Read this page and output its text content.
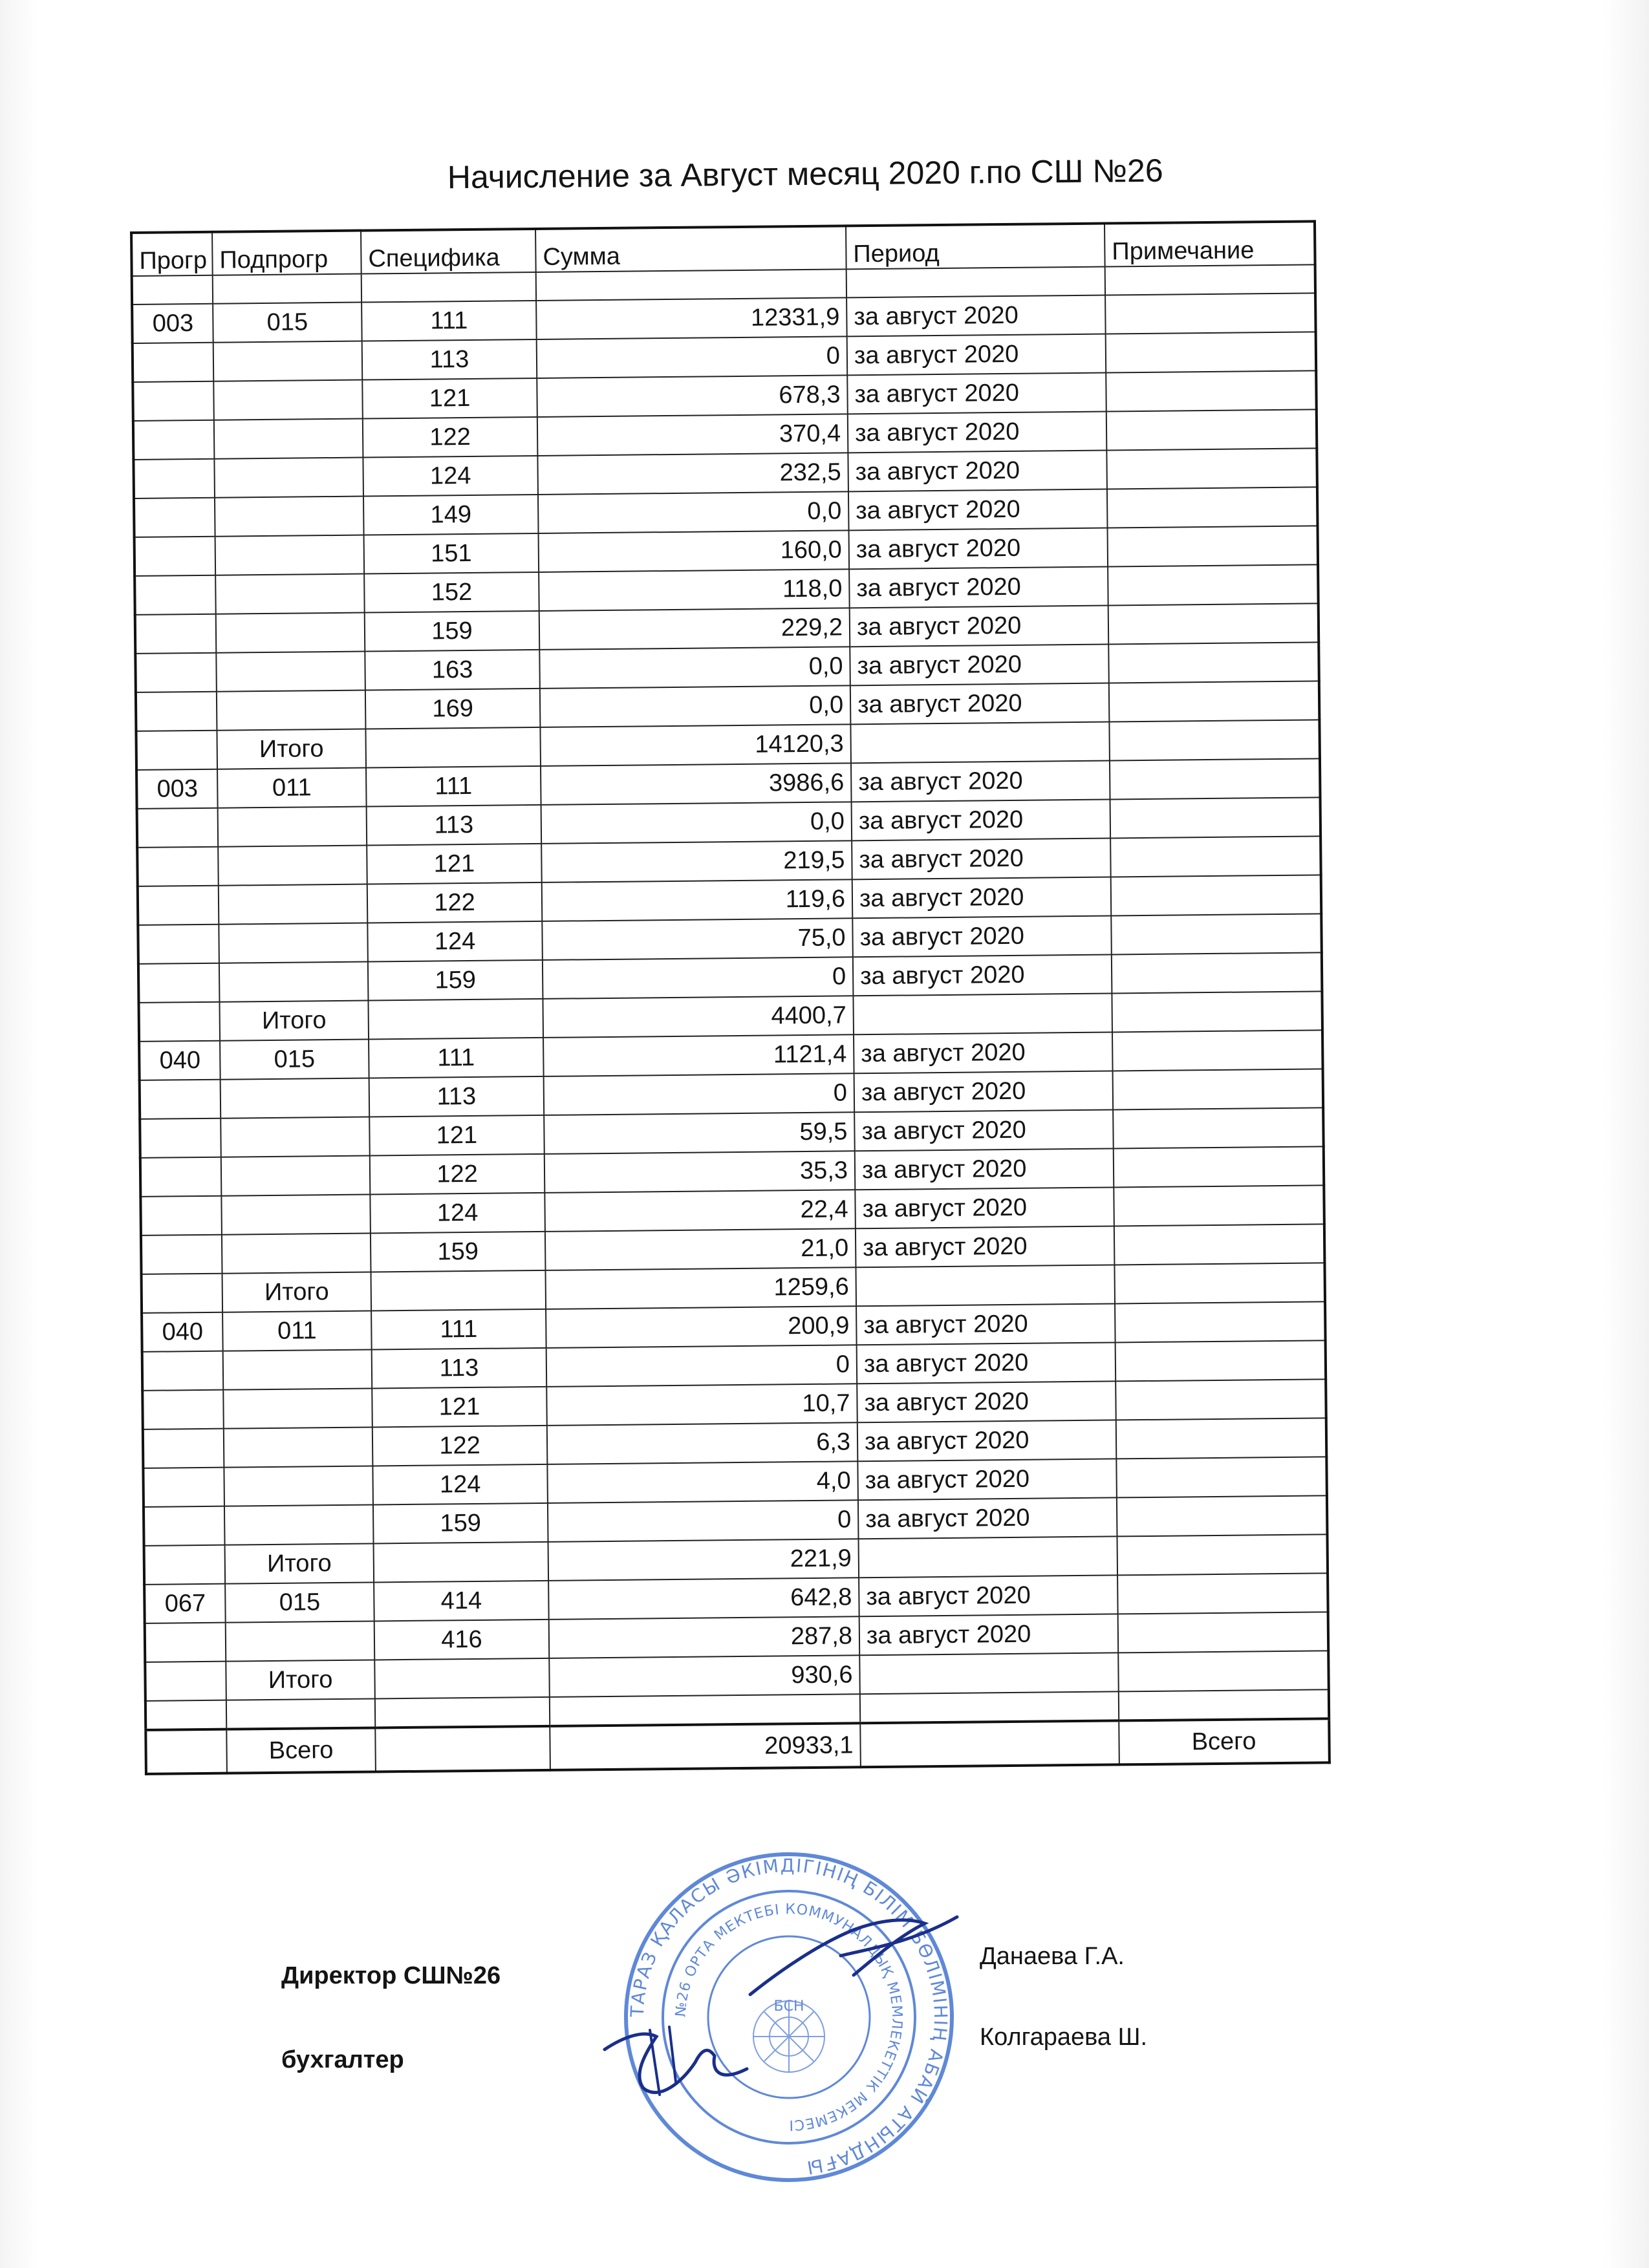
Начисление за Август месяц 2020 г.по СШ №26
Прогр	Подпрогр	Специфика	Сумма	Период	Примечание

003	015	111	12331,9	за август 2020	
		113	0	за август 2020	
		121	678,3	за август 2020	
		122	370,4	за август 2020	
		124	232,5	за август 2020	
		149	0,0	за август 2020	
		151	160,0	за август 2020	
		152	118,0	за август 2020	
		159	229,2	за август 2020	
		163	0,0	за август 2020	
		169	0,0	за август 2020	
	Итого		14120,3		
003	011	111	3986,6	за август 2020	
		113	0,0	за август 2020	
		121	219,5	за август 2020	
		122	119,6	за август 2020	
		124	75,0	за август 2020	
		159	0	за август 2020	
	Итого		4400,7		
040	015	111	1121,4	за август 2020	
		113	0	за август 2020	
		121	59,5	за август 2020	
		122	35,3	за август 2020	
		124	22,4	за август 2020	
		159	21,0	за август 2020	
	Итого		1259,6		
040	011	111	200,9	за август 2020	
		113	0	за август 2020	
		121	10,7	за август 2020	
		122	6,3	за август 2020	
		124	4,0	за август 2020	
		159	0	за август 2020	
	Итого		221,9		
067	015	414	642,8	за август 2020	
		416	287,8	за август 2020	
	Итого		930,6		

	Всего		20933,1		Всего
Директор СШ№26
Данаева Г.А.
бухгалтер
Колгараева Ш.
ТАРАЗ ҚАЛАСЫ ӘКІМДІГІНІҢ БІЛІМ БӨЛІМІНІҢ АБАЙ АТЫНДАҒЫ
№26 ОРТА МЕКТЕБІ КОММУНАЛДЫҚ МЕМЛЕКЕТТІК МЕКЕМЕСІ
БСН
